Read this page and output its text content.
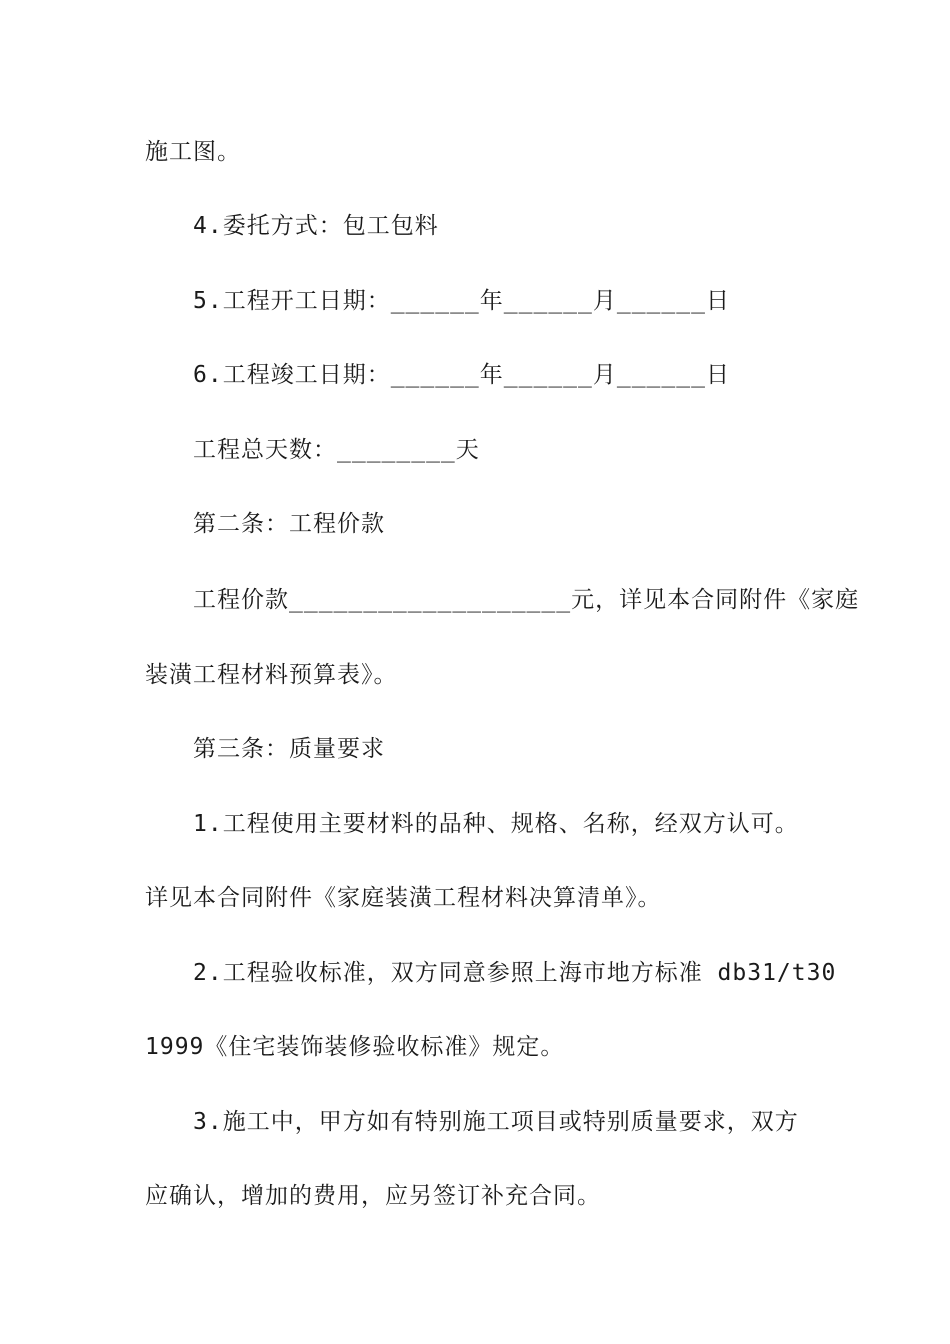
施工图。
4.委托方式：包工包料
5.工程开工日期：______年______月______日
6.工程竣工日期：______年______月______日
工程总天数：________天
第二条：工程价款
工程价款___________________元，详见本合同附件《家庭
装潢工程材料预算表》。
第三条：质量要求
1.工程使用主要材料的品种、规格、名称，经双方认可。
详见本合同附件《家庭装潢工程材料决算清单》。
2.工程验收标准，双方同意参照上海市地方标准 db31/t30
1999《住宅装饰装修验收标准》规定。
3.施工中，甲方如有特别施工项目或特别质量要求，双方
应确认，增加的费用，应另签订补充合同。
